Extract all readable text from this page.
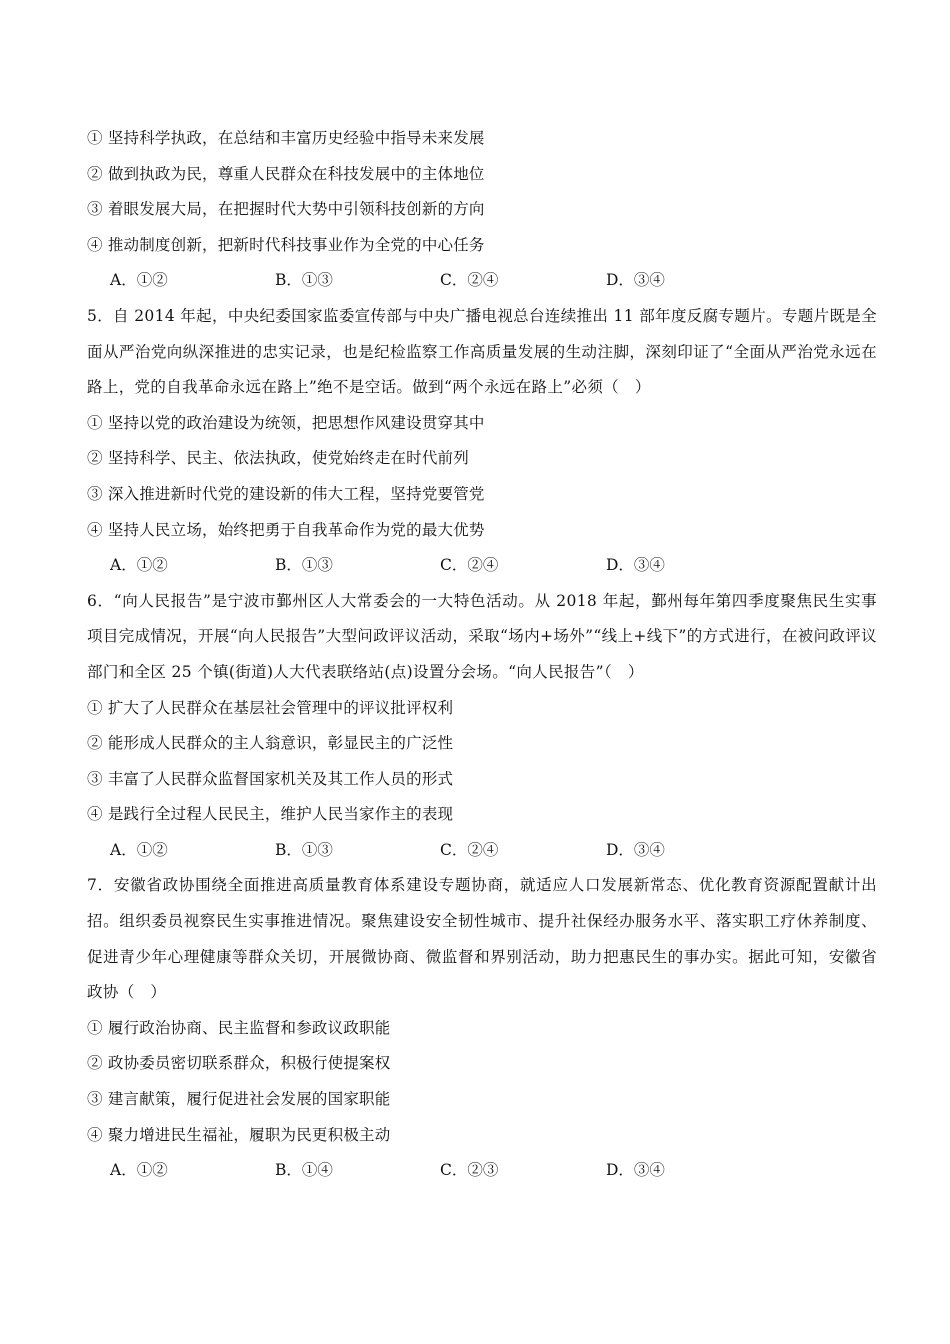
① 坚持科学执政，在总结和丰富历史经验中指导未来发展
② 做到执政为民，尊重人民群众在科技发展中的主体地位
③ 着眼发展大局，在把握时代大势中引领科技创新的方向
④ 推动制度创新，把新时代科技事业作为全党的中心任务
A．①②	B．①③	C．②④	D．③④
5．自 2014 年起，中央纪委国家监委宣传部与中央广播电视总台连续推出 11 部年度反腐专题片。专题片既是全面从严治党向纵深推进的忠实记录，也是纪检监察工作高质量发展的生动注脚，深刻印证了“全面从严治党永远在路上，党的自我革命永远在路上”绝不是空话。做到“两个永远在路上”必须（　）
① 坚持以党的政治建设为统领，把思想作风建设贯穿其中
② 坚持科学、民主、依法执政，使党始终走在时代前列
③ 深入推进新时代党的建设新的伟大工程，坚持党要管党
④ 坚持人民立场，始终把勇于自我革命作为党的最大优势
A．①②	B．①③	C．②④	D．③④
6．“向人民报告”是宁波市鄞州区人大常委会的一大特色活动。从 2018 年起，鄞州每年第四季度聚焦民生实事项目完成情况，开展“向人民报告”大型问政评议活动，采取“场内+场外”“线上+线下”的方式进行，在被问政评议部门和全区 25 个镇(街道)人大代表联络站(点)设置分会场。“向人民报告”（　）
① 扩大了人民群众在基层社会管理中的评议批评权利
② 能形成人民群众的主人翁意识，彰显民主的广泛性
③ 丰富了人民群众监督国家机关及其工作人员的形式
④ 是践行全过程人民民主，维护人民当家作主的表现
A．①②	B．①③	C．②④	D．③④
7．安徽省政协围绕全面推进高质量教育体系建设专题协商，就适应人口发展新常态、优化教育资源配置献计出招。组织委员视察民生实事推进情况。聚焦建设安全韧性城市、提升社保经办服务水平、落实职工疗休养制度、促进青少年心理健康等群众关切，开展微协商、微监督和界别活动，助力把惠民生的事办实。据此可知，安徽省政协（　）
① 履行政治协商、民主监督和参政议政职能
② 政协委员密切联系群众，积极行使提案权
③ 建言献策，履行促进社会发展的国家职能
④ 聚力增进民生福祉，履职为民更积极主动
A．①②	B．①④	C．②③	D．③④
